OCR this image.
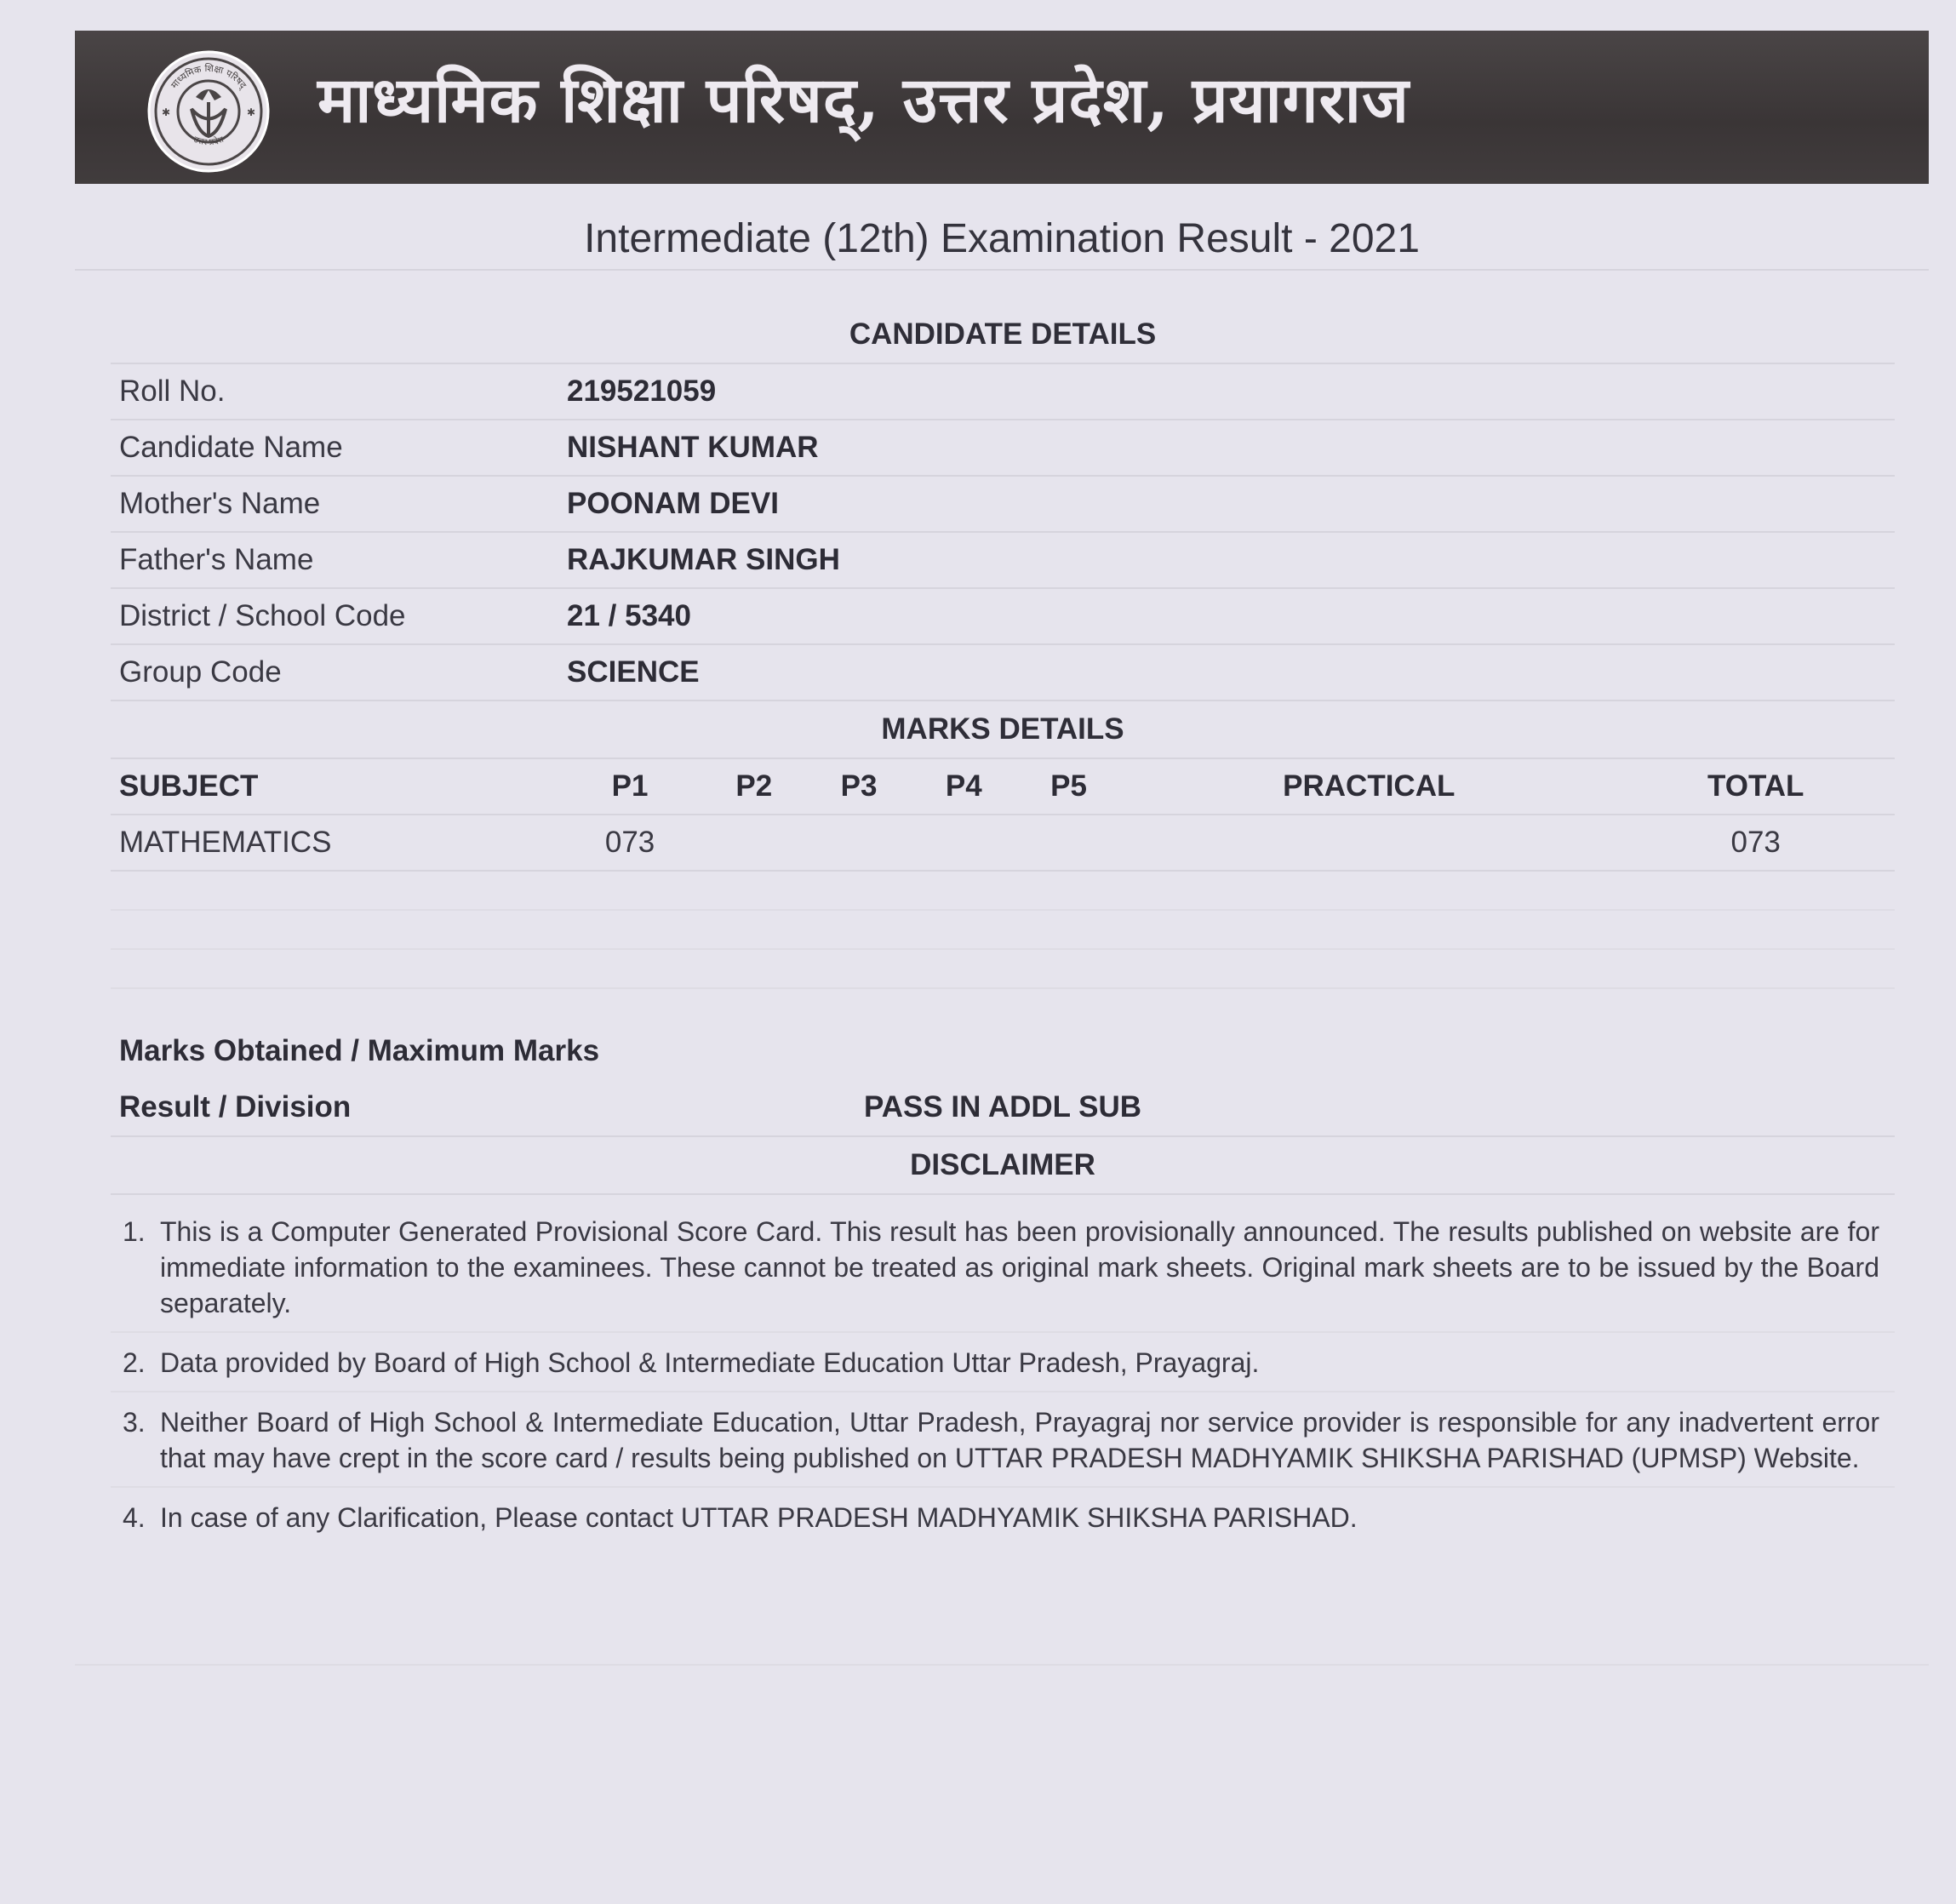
माध्यमिक शिक्षा परिषद्
उत्तर प्रदेश
✱	✱ माध्यमिक शिक्षा परिषद्, उत्तर प्रदेश, प्रयागराज
Intermediate (12th) Examination Result - 2021
CANDIDATE DETAILS
Roll No.	219521059
Candidate Name	NISHANT KUMAR
Mother's Name	POONAM DEVI
Father's Name	RAJKUMAR SINGH
District / School Code	21 / 5340
Group Code	SCIENCE
MARKS DETAILS
SUBJECT	P1	P2	P3	P4	P5	PRACTICAL	TOTAL
MATHEMATICS	073						073
Marks Obtained / Maximum Marks
Result / Division	PASS IN ADDL SUB
DISCLAIMER
1. This is a Computer Generated Provisional Score Card. This result has been provisionally announced. The results published on website are for immediate information to the examinees. These cannot be treated as original mark sheets. Original mark sheets are to be issued by the Board separately.
2. Data provided by Board of High School & Intermediate Education Uttar Pradesh, Prayagraj.
3. Neither Board of High School & Intermediate Education, Uttar Pradesh, Prayagraj nor service provider is responsible for any inadvertent error that may have crept in the score card / results being published on UTTAR PRADESH MADHYAMIK SHIKSHA PARISHAD (UPMSP) Website.
4. In case of any Clarification, Please contact UTTAR PRADESH MADHYAMIK SHIKSHA PARISHAD.
